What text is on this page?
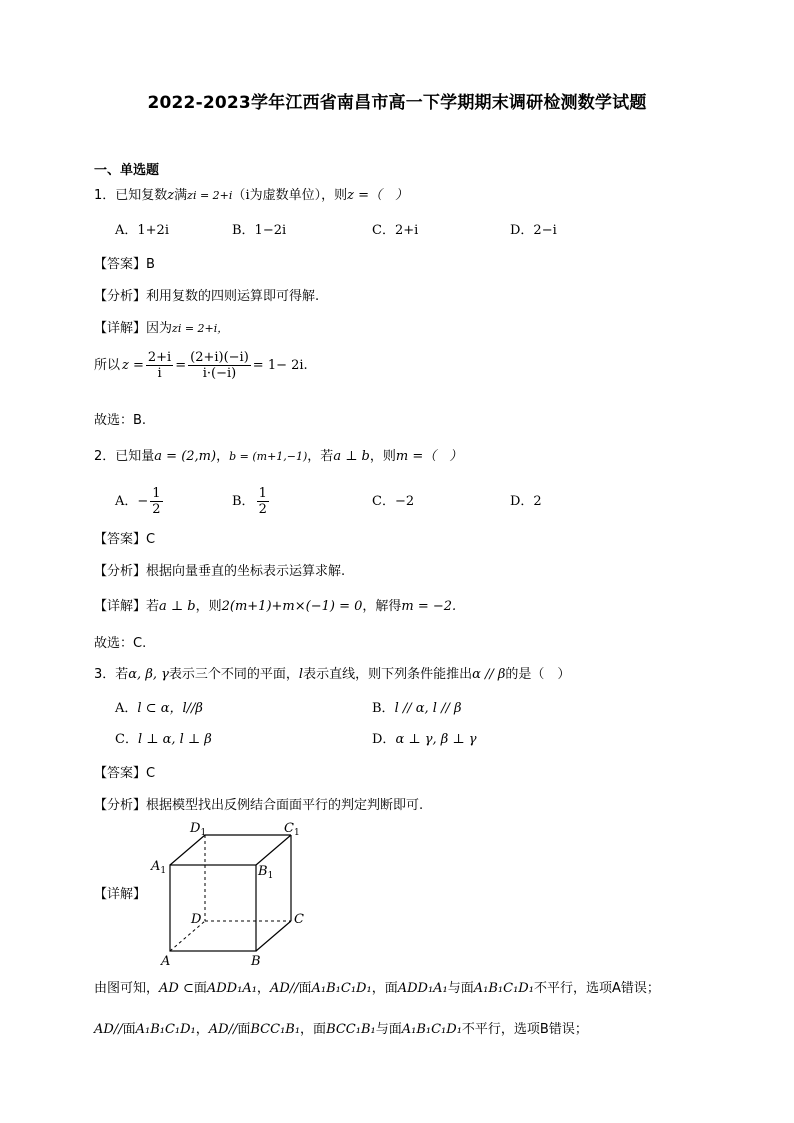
2022-2023学年江西省南昌市高一下学期期末调研检测数学试题
一、单选题
1．已知复数z满zi = 2+i（i为虚数单位），则z =（　）
A．1+2i	B．1−2i	C．2+i	D．2−i
【答案】B
【分析】利用复数的四则运算即可得解.
【详解】因为zi = 2+i，
所以 $z = \frac{2+i}{i} = \frac{(2+i)(-i)}{i\cdot(-i)} = 1- 2i$.
故选：B.
2．已知量a = (2,m)，b = (m+1,−1)，若a ⊥ b，则m =（　）
A．− $\frac{1}{2}$	B． $\frac{1}{2}$	C．−2	D．2
【答案】C
【分析】根据向量垂直的坐标表示运算求解.
【详解】若a ⊥ b，则2(m+1)+m×(−1) = 0，解得m = −2.
故选：C.
3．若α, β, γ表示三个不同的平面，l表示直线，则下列条件能推出α // β的是（　）
A．l ⊂ α，l//β	B．l // α, l // β
C．l ⊥ α, l ⊥ β	D．α ⊥ γ, β ⊥ γ
【答案】C
【分析】根据模型找出反例结合面面平行的判定判断即可.
【详解】
$D_1$	$C_1$
$A_1$	$B_1$
D	C
A	B
由图可知，AD ⊂面ADD₁A₁，AD//面A₁B₁C₁D₁，面ADD₁A₁与面A₁B₁C₁D₁不平行，选项A错误；
AD//面A₁B₁C₁D₁，AD//面BCC₁B₁，面BCC₁B₁与面A₁B₁C₁D₁不平行，选项B错误；
